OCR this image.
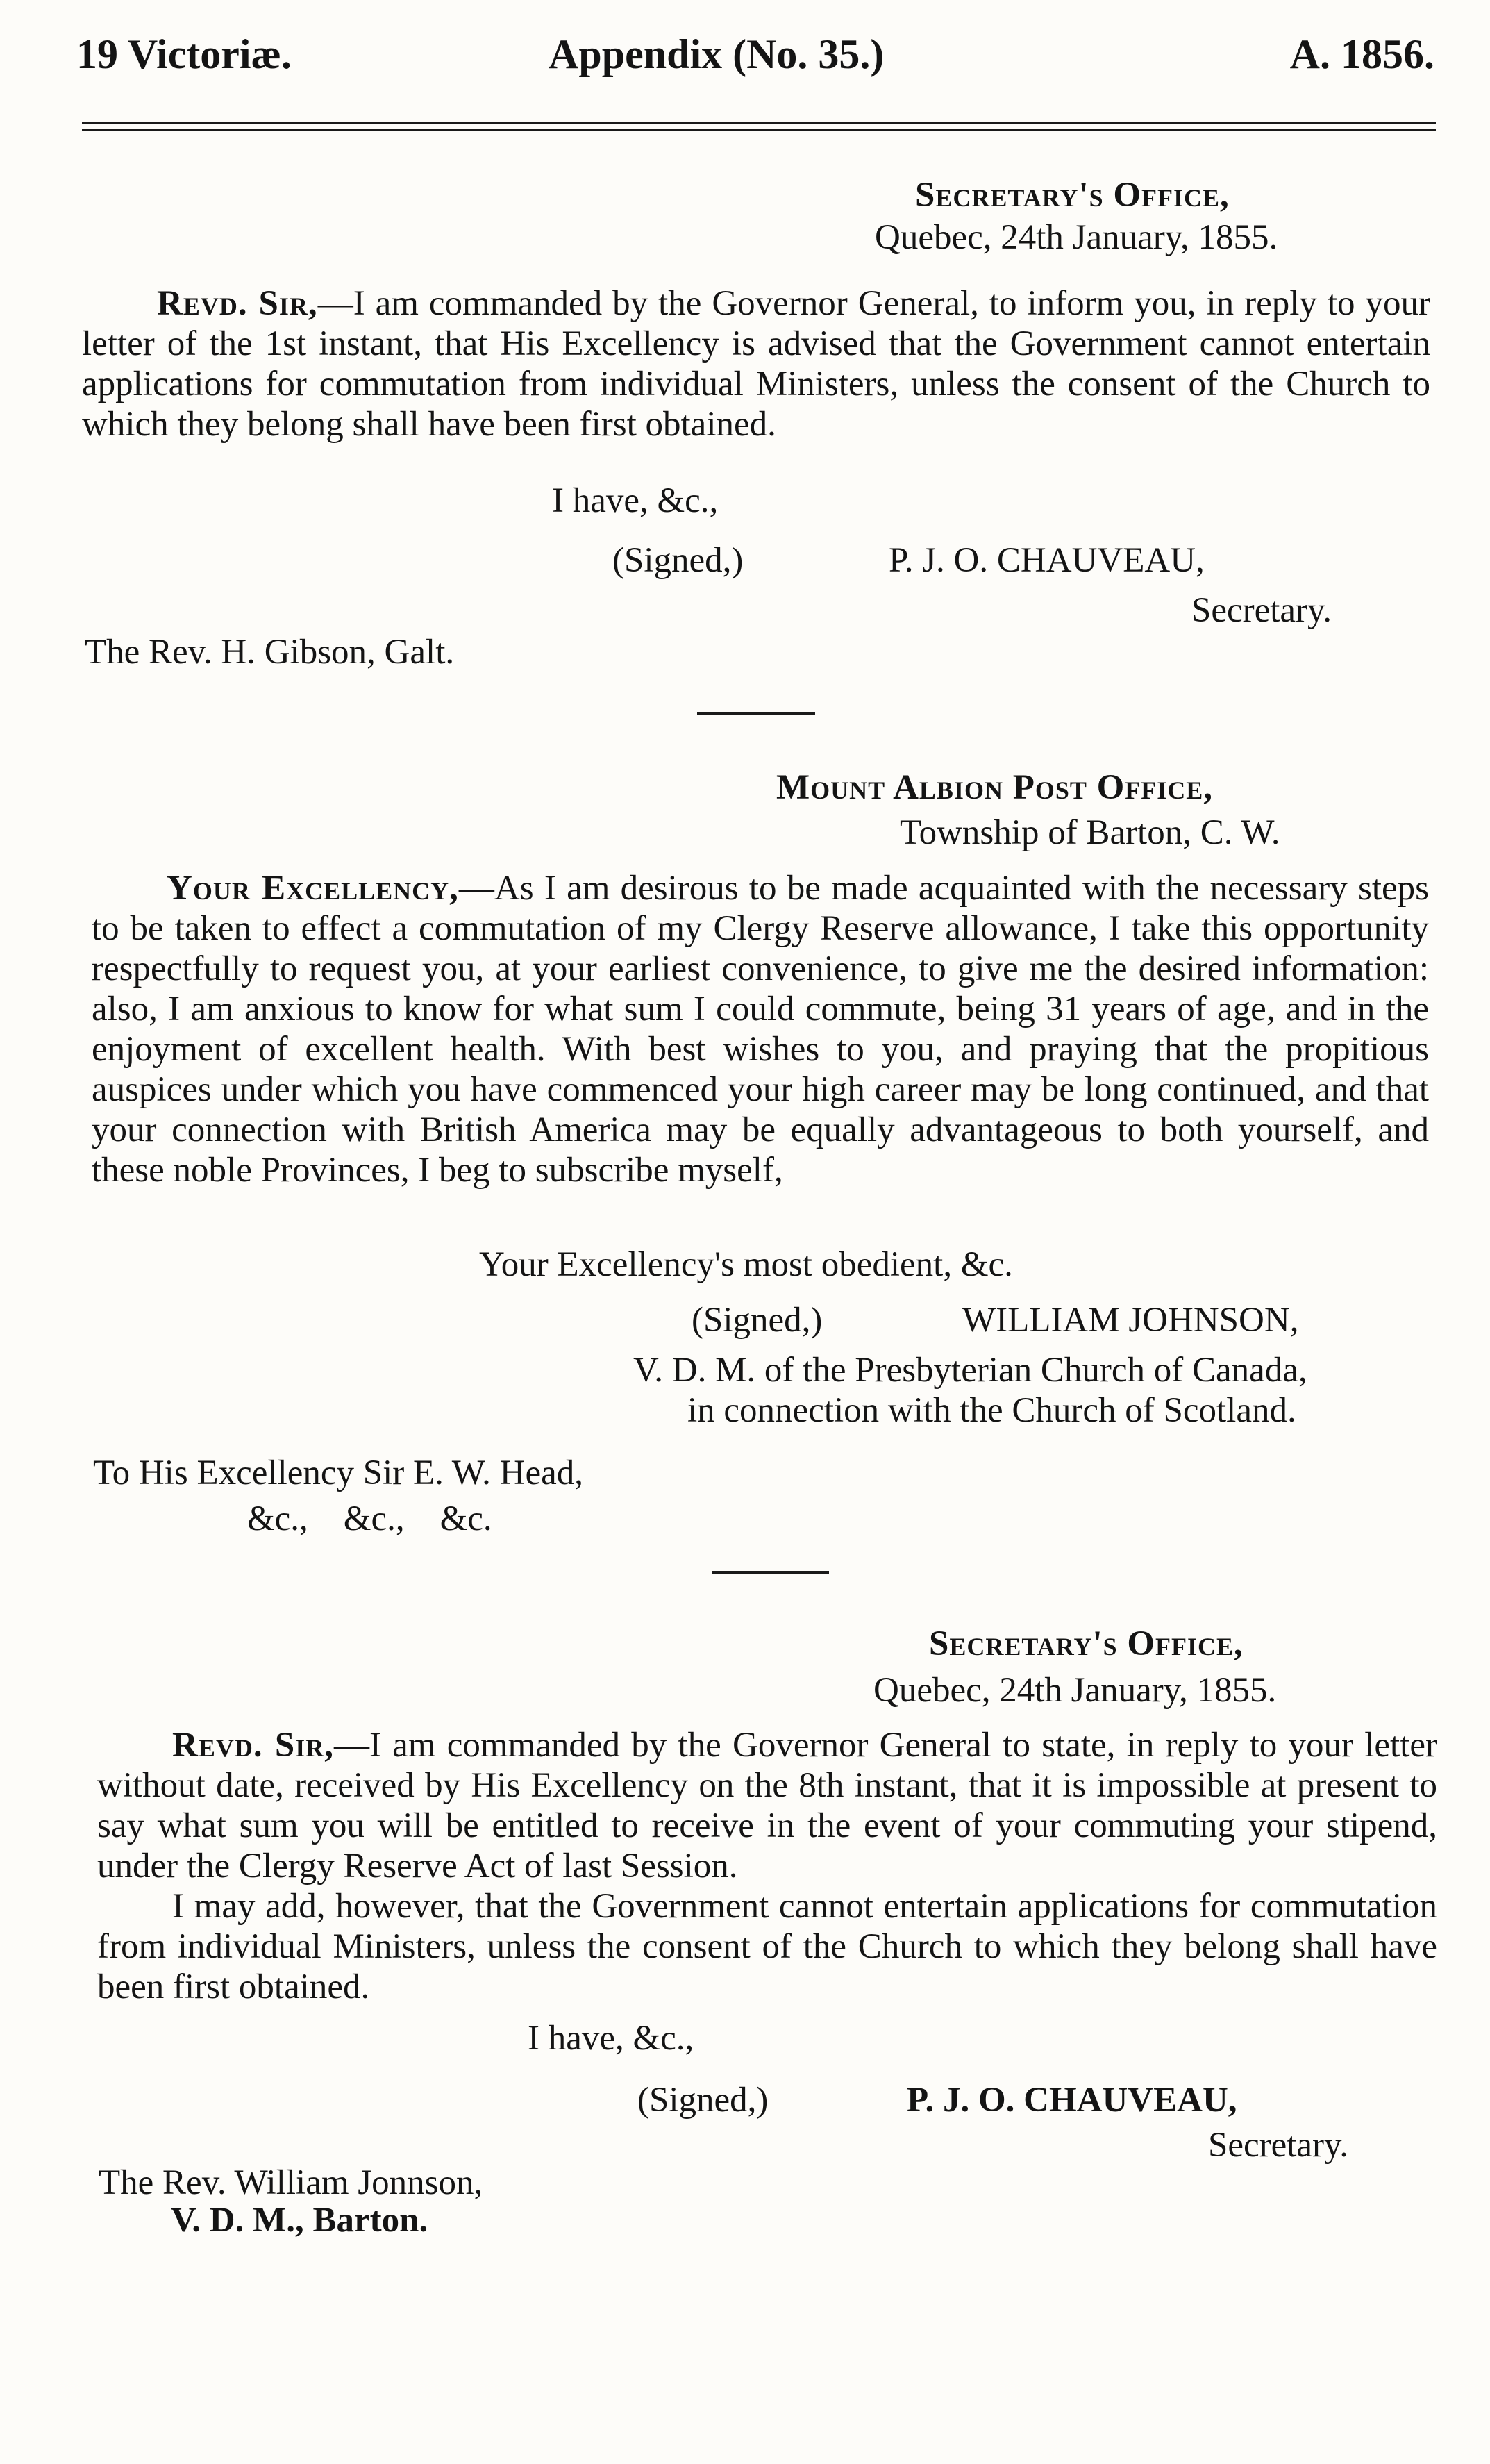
19 Victoriæ.	Appendix (No. 35.)	A. 1856.
Secretary's Office,
Quebec, 24th January, 1855.
Revd. Sir,—I am commanded by the Governor General, to inform you, in reply to your letter of the 1st instant, that His Excellency is advised that the Government cannot entertain applications for commutation from individual Ministers, unless the consent of the Church to which they belong shall have been first obtained.
I have, &c.,
(Signed,)	P. J. O. CHAUVEAU,
Secretary.
The Rev. H. Gibson, Galt.
Mount Albion Post Office,
Township of Barton, C. W.
Your Excellency,—As I am desirous to be made acquainted with the necessary steps to be taken to effect a commutation of my Clergy Reserve allowance, I take this opportunity respectfully to request you, at your earliest convenience, to give me the desired information: also, I am anxious to know for what sum I could commute, being 31 years of age, and in the enjoyment of excellent health. With best wishes to you, and praying that the propitious auspices under which you have commenced your high career may be long continued, and that your connection with British America may be equally advantageous to both yourself, and these noble Provinces, I beg to subscribe myself,
Your Excellency's most obedient, &c.
(Signed,)	WILLIAM JOHNSON,
V. D. M. of the Presbyterian Church of Canada,
in connection with the Church of Scotland.
To His Excellency Sir E. W. Head,
&c.,    &c.,    &c.
Secretary's Office,
Quebec, 24th January, 1855.
Revd. Sir,—I am commanded by the Governor General to state, in reply to your letter without date, received by His Excellency on the 8th instant, that it is impossible at present to say what sum you will be entitled to receive in the event of your commuting your stipend, under the Clergy Reserve Act of last Session.
I may add, however, that the Government cannot entertain applications for commutation from individual Ministers, unless the consent of the Church to which they belong shall have been first obtained.
I have, &c.,
(Signed,)	P. J. O. CHAUVEAU,
Secretary.
The Rev. William Jonnson,
V. D. M., Barton.
